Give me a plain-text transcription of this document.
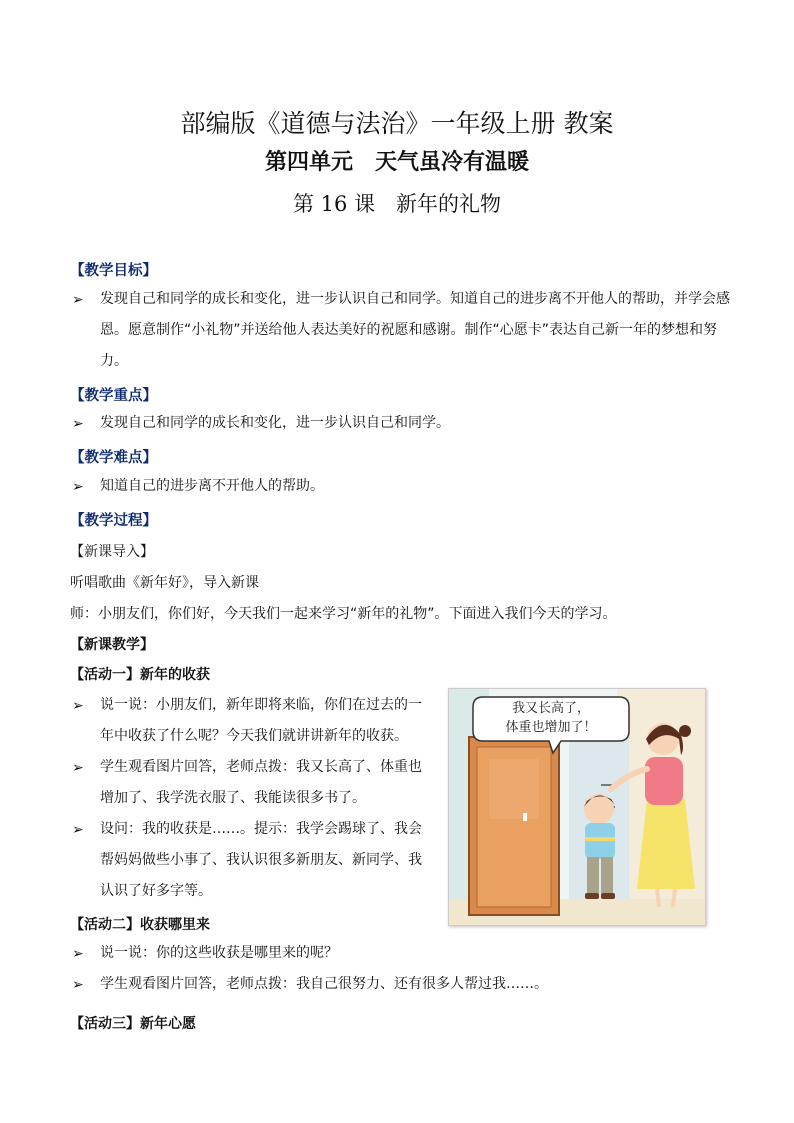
部编版《道德与法治》一年级上册 教案
第四单元　天气虽冷有温暖
第 16 课　新年的礼物
【教学目标】
➢ 发现自己和同学的成长和变化，进一步认识自己和同学。知道自己的进步离不开他人的帮助，并学会感恩。愿意制作“小礼物”并送给他人表达美好的祝愿和感谢。制作“心愿卡”表达自己新一年的梦想和努力。
【教学重点】
➢ 发现自己和同学的成长和变化，进一步认识自己和同学。
【教学难点】
➢ 知道自己的进步离不开他人的帮助。
【教学过程】
【新课导入】
听唱歌曲《新年好》，导入新课
师：小朋友们，你们好，今天我们一起来学习“新年的礼物”。下面进入我们今天的学习。
【新课教学】
【活动一】新年的收获
➢ 说一说：小朋友们，新年即将来临，你们在过去的一年中收获了什么呢？今天我们就讲讲新年的收获。
➢ 学生观看图片回答，老师点拨：我又长高了、体重也增加了、我学洗衣服了、我能读很多书了。
➢ 设问：我的收获是……。提示：我学会踢球了、我会帮妈妈做些小事了、我认识很多新朋友、新同学、我认识了好多字等。
我又长高了，
体重也增加了！
【活动二】收获哪里来
➢ 说一说：你的这些收获是哪里来的呢？
➢ 学生观看图片回答，老师点拨：我自己很努力、还有很多人帮过我……。
【活动三】新年心愿
